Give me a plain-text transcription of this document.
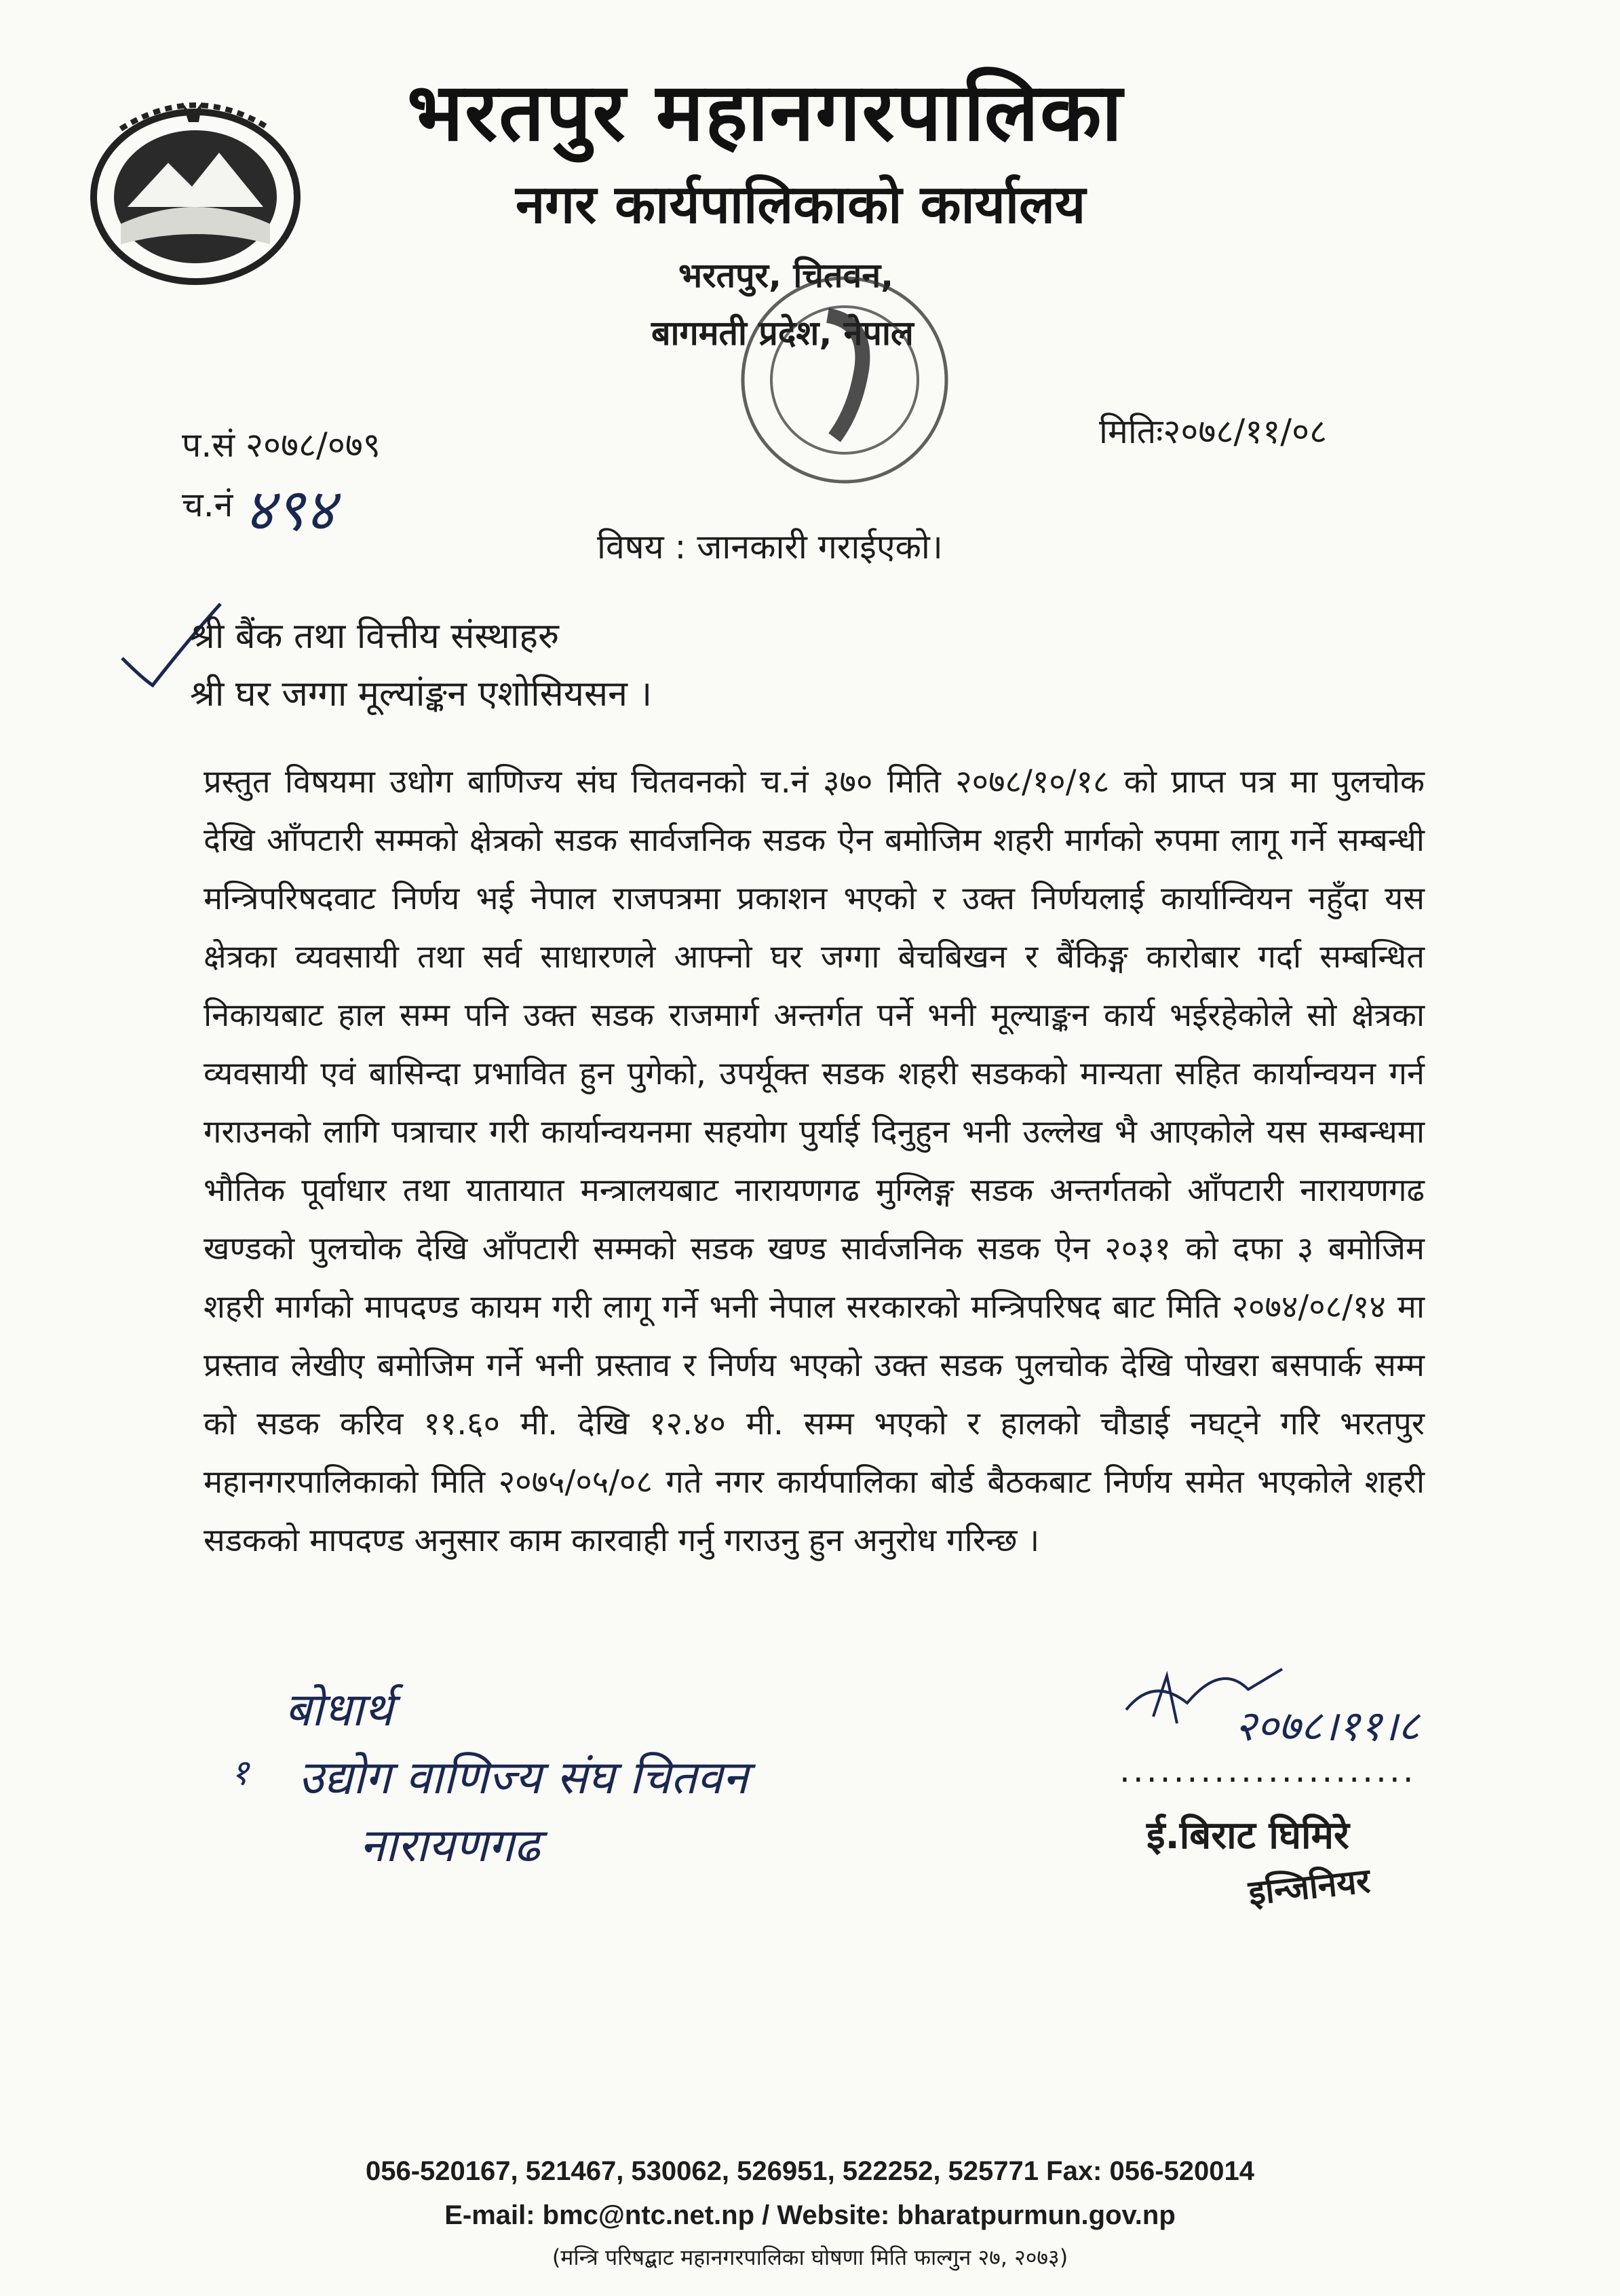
भरतपुर महानगरपालिका
नगर कार्यपालिकाको कार्यालय
भरतपुर, चितवन,
बागमती प्रदेश, नेपाल
प.सं २०७८/०७९
च.नं ४९४
मितिः२०७८/११/०८
विषय : जानकारी गराईएको।
श्री बैंक तथा वित्तीय संस्थाहरु
श्री घर जग्गा मूल्यांङ्कन एशोसियसन ।
प्रस्तुत विषयमा उधोग बाणिज्य संघ चितवनको च.नं ३७० मिति २०७८/१०/१८ को प्राप्त पत्र मा पुलचोक देखि आँपटारी सम्मको क्षेत्रको सडक सार्वजनिक सडक ऐन बमोजिम शहरी मार्गको रुपमा लागू गर्ने सम्बन्धी मन्त्रिपरिषदवाट निर्णय भई नेपाल राजपत्रमा प्रकाशन भएको र उक्त निर्णयलाई कार्यान्वियन नहुँदा यस क्षेत्रका व्यवसायी तथा सर्व साधारणले आफ्नो घर जग्गा बेचबिखन र बैंकिङ्ग कारोबार गर्दा सम्बन्धित निकायबाट हाल सम्म पनि उक्त सडक राजमार्ग अन्तर्गत पर्ने भनी मूल्याङ्कन कार्य भईरहेकोले सो क्षेत्रका व्यवसायी एवं बासिन्दा प्रभावित हुन पुगेको, उपर्यूक्त सडक शहरी सडकको मान्यता सहित कार्यान्वयन गर्न गराउनको लागि पत्राचार गरी कार्यान्वयनमा सहयोग पुर्याई दिनुहुन भनी उल्लेख भै आएकोले यस सम्बन्धमा भौतिक पूर्वाधार तथा यातायात मन्त्रालयबाट नारायणगढ मुग्लिङ्ग सडक अन्तर्गतको आँपटारी नारायणगढ खण्डको पुलचोक देखि आँपटारी सम्मको सडक खण्ड सार्वजनिक सडक ऐन २०३१ को दफा ३ बमोजिम शहरी मार्गको मापदण्ड कायम गरी लागू गर्ने भनी नेपाल सरकारको मन्त्रिपरिषद बाट मिति २०७४/०८/१४ मा प्रस्ताव लेखीए बमोजिम गर्ने भनी प्रस्ताव र निर्णय भएको उक्त सडक पुलचोक देखि पोखरा बसपार्क सम्म को सडक करिव ११.६० मी. देखि १२.४० मी. सम्म भएको र हालको चौडाई नघट्ने गरि भरतपुर महानगरपालिकाको मिति २०७५/०५/०८ गते नगर कार्यपालिका बोर्ड बैठकबाट निर्णय समेत भएकोले शहरी सडकको मापदण्ड अनुसार काम कारवाही गर्नु गराउनु हुन अनुरोध गरिन्छ ।
बोधार्थ
१ उद्योग वाणिज्य संघ चितवन
नारायणगढ
२०७८।११।८
......................
ई.बिराट घिमिरे
इन्जिनियर
056-520167, 521467, 530062, 526951, 522252, 525771 Fax: 056-520014
E-mail: bmc@ntc.net.np / Website: bharatpurmun.gov.np
(मन्त्रि परिषद्बाट महानगरपालिका घोषणा मिति फाल्गुन २७, २०७३)
